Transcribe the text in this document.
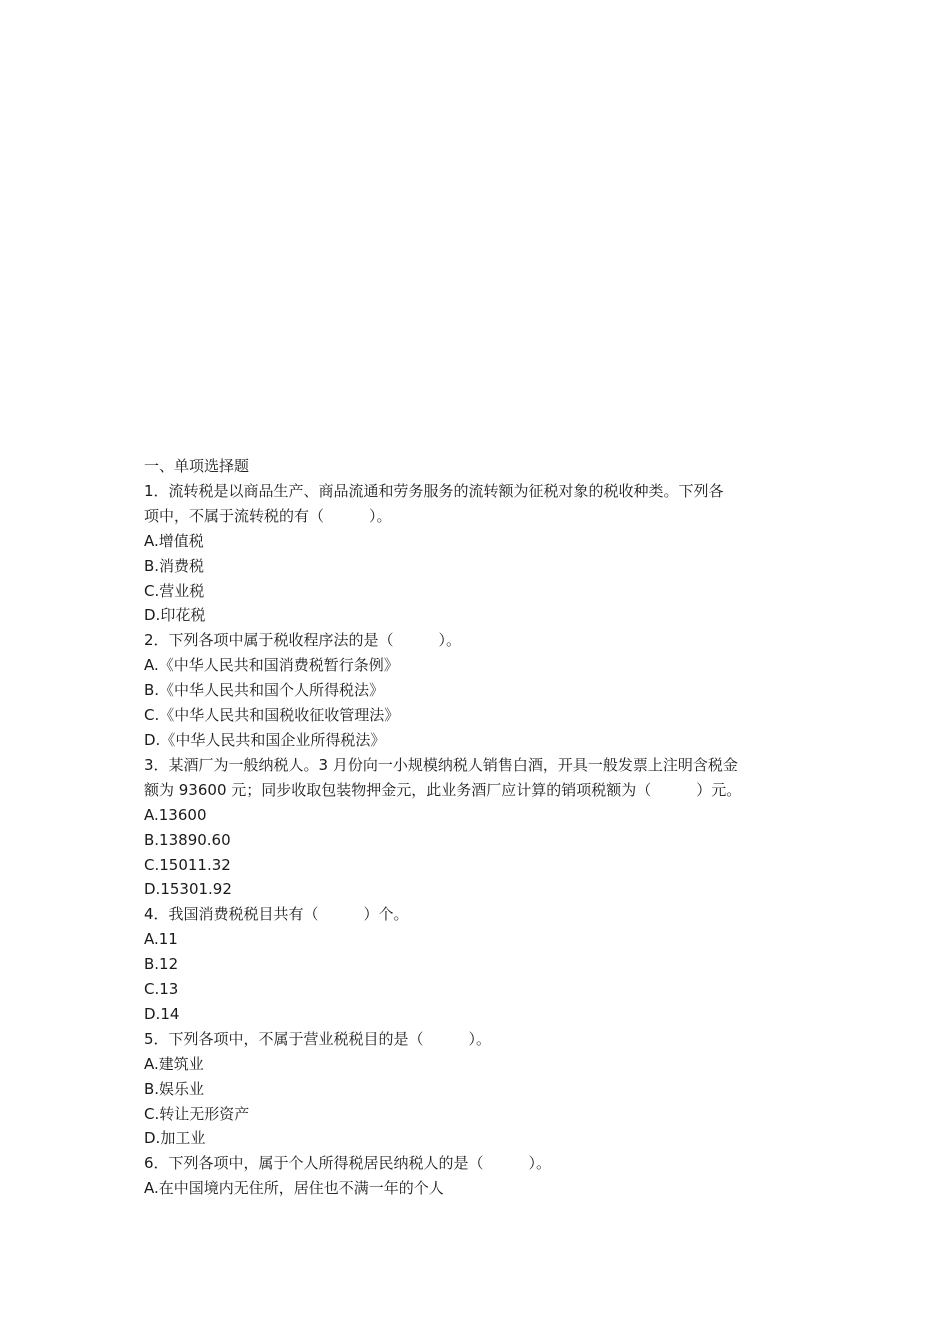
一、单项选择题

1．流转税是以商品生产、商品流通和劳务服务的流转额为征税对象的税收种类。下列各

项中，不属于流转税的有（　　　）。

A.增值税

B.消费税

C.营业税

D.印花税

2．下列各项中属于税收程序法的是（　　　）。

A.《中华人民共和国消费税暂行条例》

B.《中华人民共和国个人所得税法》

C.《中华人民共和国税收征收管理法》

D.《中华人民共和国企业所得税法》

3．某酒厂为一般纳税人。3 月份向一小规模纳税人销售白酒，开具一般发票上注明含税金

额为 93600 元；同步收取包装物押金元，此业务酒厂应计算的销项税额为（　　　）元。

A.13600

B.13890.60

C.15011.32

D.15301.92

4．我国消费税税目共有（　　　）个。

A.11

B.12

C.13

D.14

5．下列各项中，不属于营业税税目的是（　　　）。

A.建筑业

B.娱乐业

C.转让无形资产

D.加工业

6．下列各项中，属于个人所得税居民纳税人的是（　　　）。

A.在中国境内无住所，居住也不满一年的个人
